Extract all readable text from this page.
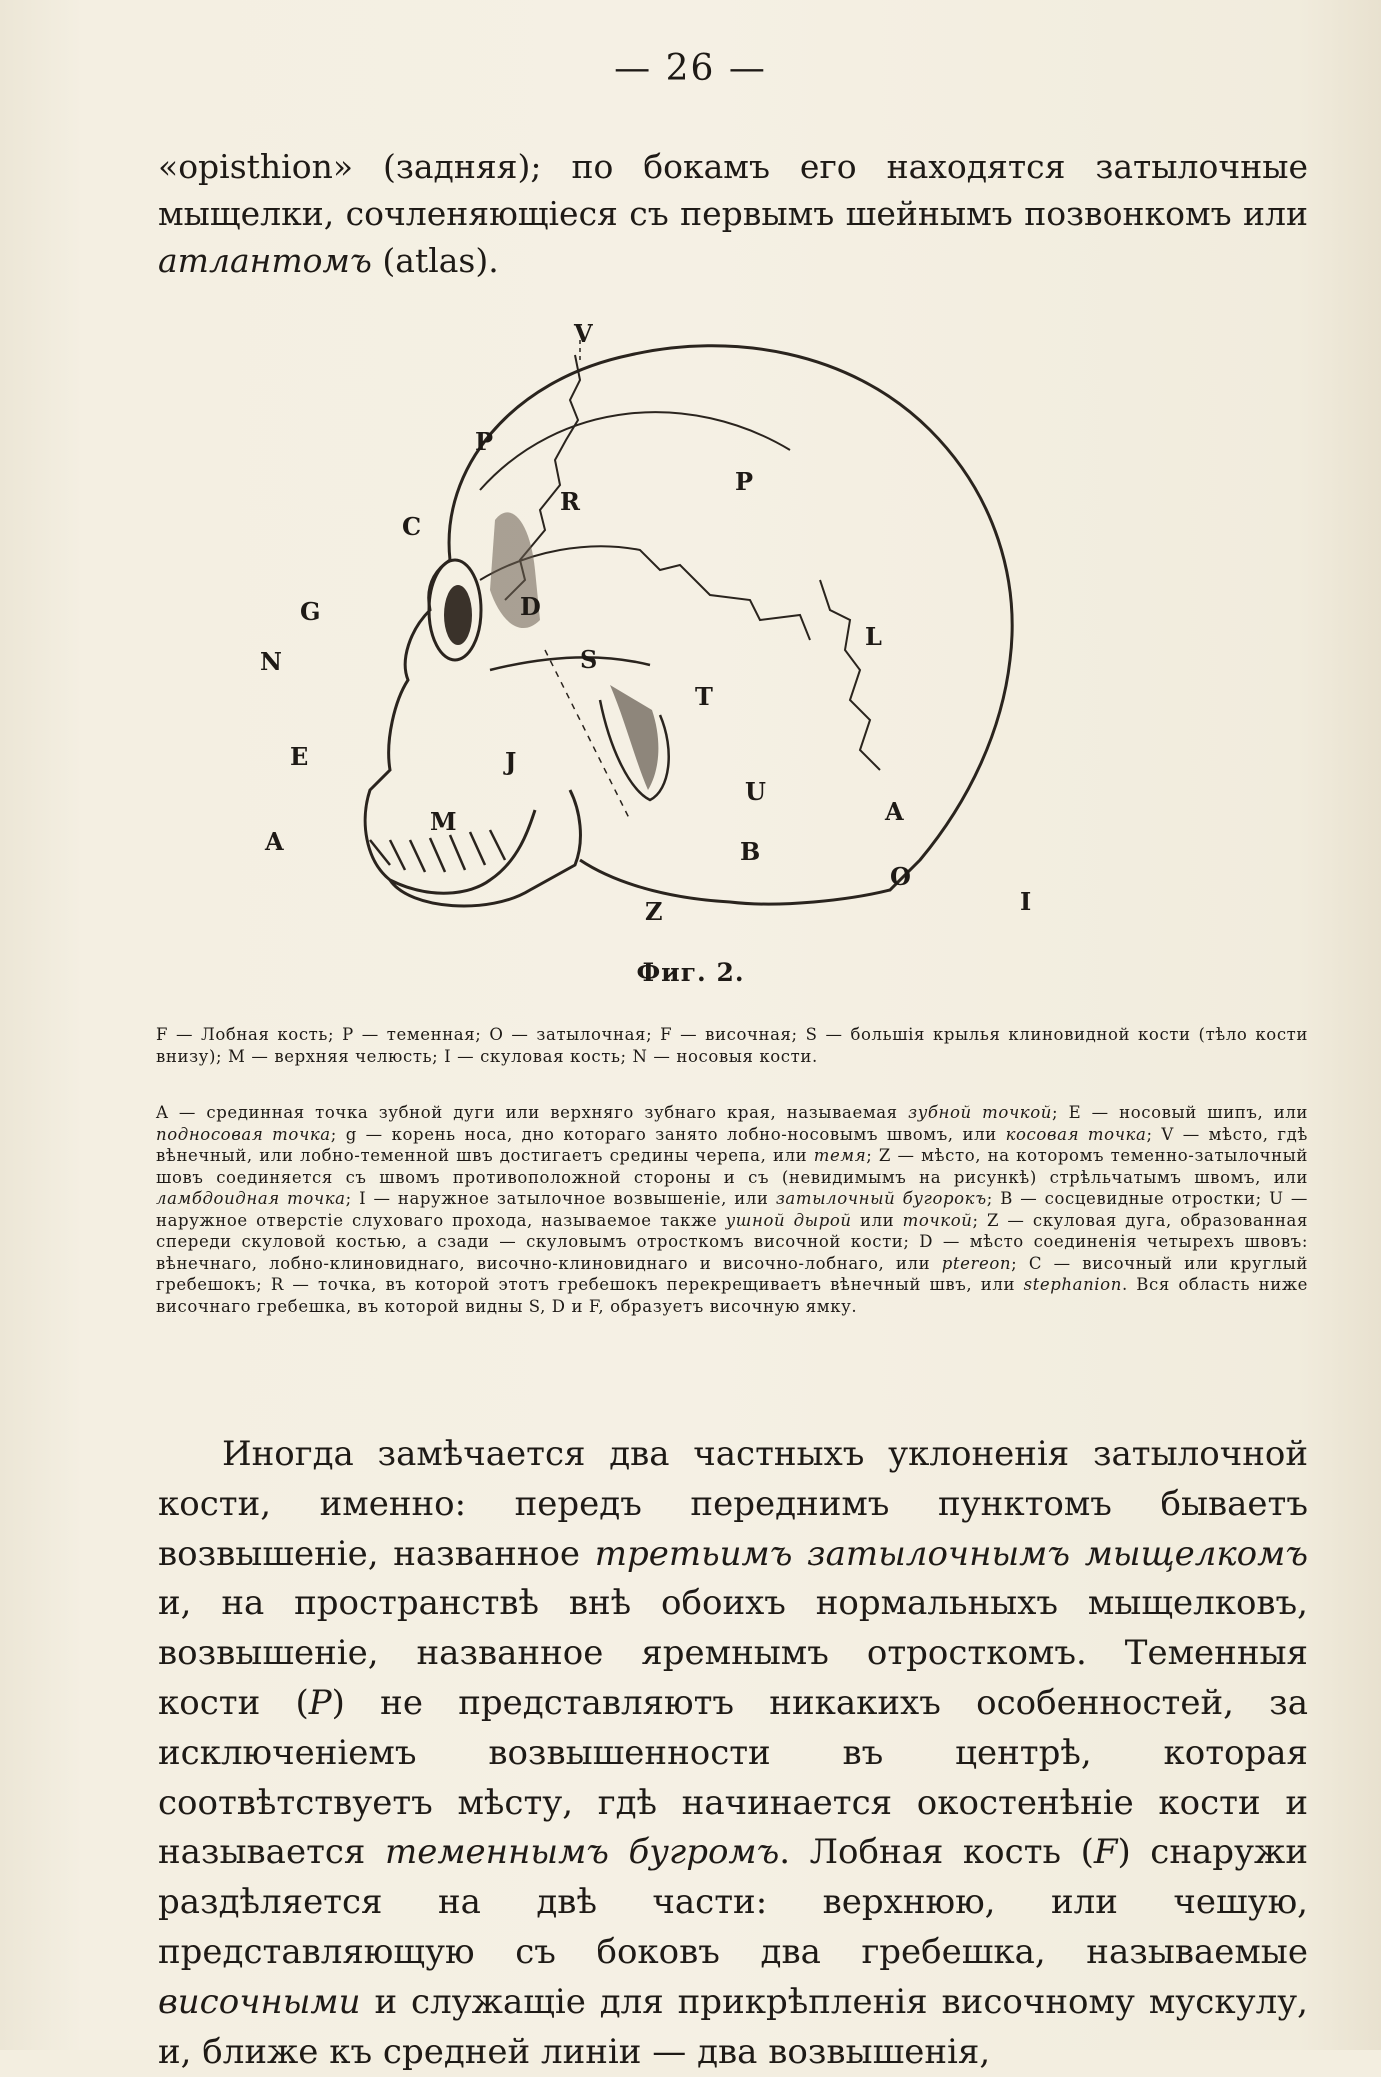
— 26 —

«opisthion» (задняя); по бокамъ его находятся затылочные мыщелки, сочленяющіеся съ первымъ шейнымъ позвонкомъ или атлантомъ (atlas).

V
P
R
P
C
D
G
N	S
L
T
E	J
U
A
M	A
B
O
Z	I
Фиг. 2.

F — Лобная кость; P — теменная; O — затылочная; F — височная; S — большія крылья клиновидной кости (тѣло кости внизу); M — верхняя челюсть; I — скуловая кость; N — носовыя кости.

A — срединная точка зубной дуги или верхняго зубнаго края, называемая зубной точкой; E — носовый шипъ, или подносовая точка; g — корень носа, дно котораго занято лобно-носовымъ швомъ, или косовая точка; V — мѣсто, гдѣ вѣнечный, или лобно-теменной швъ достигаетъ средины черепа, или темя; Z — мѣсто, на которомъ теменно-затылочный шовъ соединяется съ швомъ противоположной стороны и съ (невидимымъ на рисункѣ) стрѣльчатымъ швомъ, или ламбдоидная точка; I — наружное затылочное возвышеніе, или затылочный бугорокъ; B — сосцевидные отростки; U — наружное отверстіе слуховаго прохода, называемое также ушной дырой или точкой; Z — скуловая дуга, образованная спереди скуловой костью, а сзади — скуловымъ отросткомъ височной кости; D — мѣсто соединенія четырехъ швовъ: вѣнечнаго, лобно-клиновиднаго, височно-клиновиднаго и височно-лобнаго, или ptereon; C — височный или круглый гребешокъ; R — точка, въ которой этотъ гребешокъ перекрещиваетъ вѣнечный швъ, или stephanion. Вся область ниже височнаго гребешка, въ которой видны S, D и F, образуетъ височную ямку.

Иногда замѣчается два частныхъ уклоненія затылочной кости, именно: передъ переднимъ пунктомъ бываетъ возвышеніе, названное третьимъ затылочнымъ мыщелкомъ и, на пространствѣ внѣ обоихъ нормальныхъ мыщелковъ, возвышеніе, названное яремнымъ отросткомъ. Теменныя кости (P) не представляютъ никакихъ особенностей, за исключеніемъ возвышенности въ центрѣ, которая соотвѣтствуетъ мѣсту, гдѣ начинается окостенѣніе кости и называется теменнымъ бугромъ. Лобная кость (F) снаружи раздѣляется на двѣ части: верхнюю, или чешую, представляющую съ боковъ два гребешка, называемые височными и служащіе для прикрѣпленія височному мускулу, и, ближе къ средней линіи — два возвышенія,
